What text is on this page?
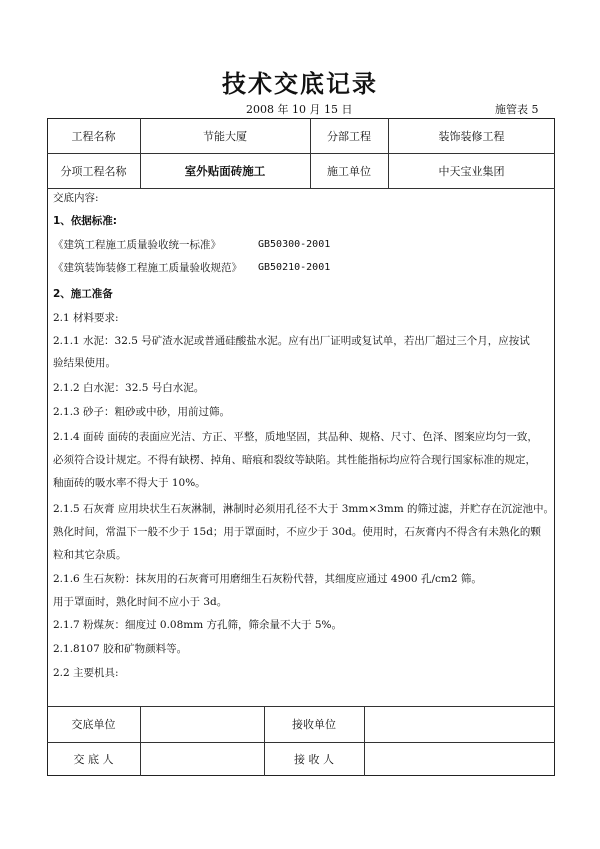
技术交底记录
2008 年 10 月 15 日	施管表 5
工程名称	节能大厦	分部工程	装饰装修工程
分项工程名称	室外贴面砖施工	施工单位	中天宝业集团
交底内容:
1、依据标准:
《建筑工程施工质量验收统一标准》	GB50300-2001
《建筑装饰装修工程施工质量验收规范》 GB50210-2001
2、施工准备
2.1 材料要求:
2.1.1 水泥：32.5 号矿渣水泥或普通硅酸盐水泥。应有出厂证明或复试单，若出厂超过三个月，应按试
验结果使用。
2.1.2 白水泥：32.5 号白水泥。
2.1.3 砂子：粗砂或中砂，用前过筛。
2.1.4 面砖 面砖的表面应光洁、方正、平整，质地坚固，其品种、规格、尺寸、色泽、图案应均匀一致，
必须符合设计规定。不得有缺楞、掉角、暗痕和裂纹等缺陷。其性能指标均应符合现行国家标准的规定，
釉面砖的吸水率不得大于 10%。
2.1.5 石灰膏 应用块状生石灰淋制，淋制时必须用孔径不大于 3mm×3mm 的筛过滤，并贮存在沉淀池中。
熟化时间，常温下一般不少于 15d；用于罩面时，不应少于 30d。使用时，石灰膏内不得含有未熟化的颗
粒和其它杂质。
2.1.6 生石灰粉：抹灰用的石灰膏可用磨细生石灰粉代替，其细度应通过 4900 孔/cm2 筛。
用于罩面时，熟化时间不应小于 3d。
2.1.7 粉煤灰：细度过 0.08mm 方孔筛，筛余量不大于 5%。
2.1.8107 胶和矿物颜料等。
2.2 主要机具:
交底单位	接收单位
交 底 人	接 收 人
